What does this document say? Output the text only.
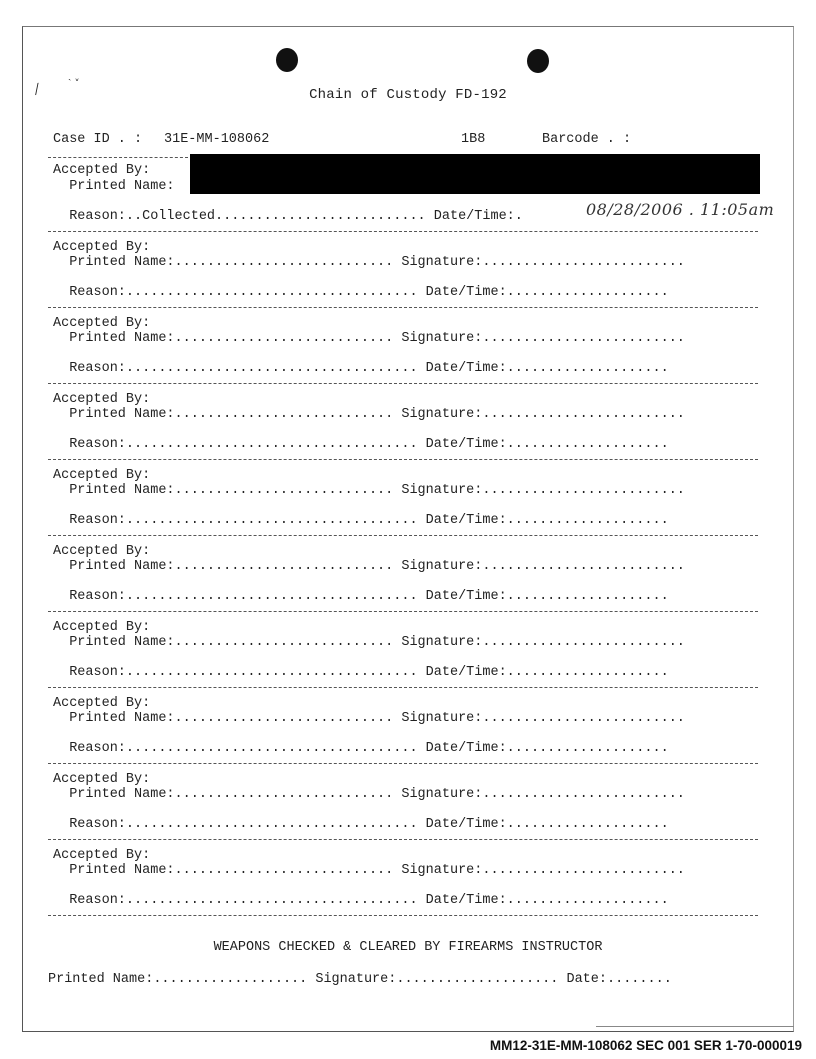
⁄
ˏ ˬ
Chain of Custody FD-192
Case ID . : 31E-MM-108062	1B8	Barcode . :
Accepted By:
Printed Name:
Reason:..Collected.......................... Date/Time:.	08/28/2006 . 11:05am
Accepted By:
Printed Name:........................... Signature:.........................
Reason:.................................... Date/Time:....................
Accepted By:
Printed Name:........................... Signature:.........................
Reason:.................................... Date/Time:....................
Accepted By:
Printed Name:........................... Signature:.........................
Reason:.................................... Date/Time:....................
Accepted By:
Printed Name:........................... Signature:.........................
Reason:.................................... Date/Time:....................
Accepted By:
Printed Name:........................... Signature:.........................
Reason:.................................... Date/Time:....................
Accepted By:
Printed Name:........................... Signature:.........................
Reason:.................................... Date/Time:....................
Accepted By:
Printed Name:........................... Signature:.........................
Reason:.................................... Date/Time:....................
Accepted By:
Printed Name:........................... Signature:.........................
Reason:.................................... Date/Time:....................
Accepted By:
Printed Name:........................... Signature:.........................
Reason:.................................... Date/Time:....................
WEAPONS CHECKED & CLEARED BY FIREARMS INSTRUCTOR
Printed Name:................... Signature:.................... Date:........
MM12-31E-MM-108062 SEC 001 SER 1-70-000019
